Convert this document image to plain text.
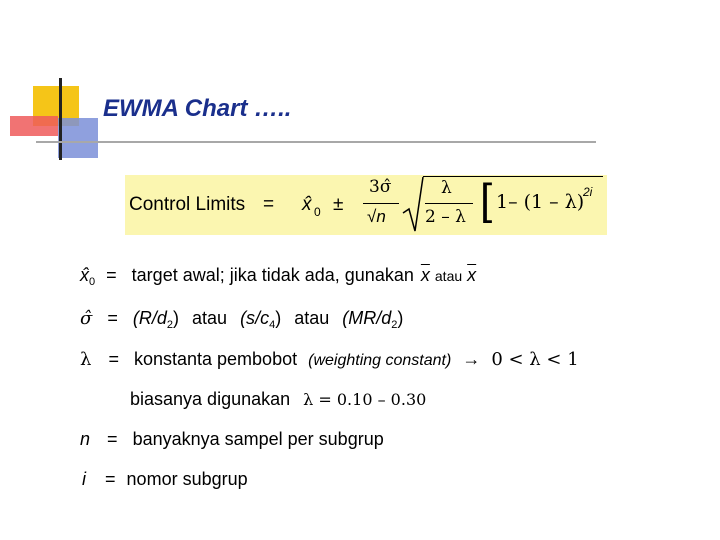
EWMA Chart …..
Control Limits = x̂ 0 ±
3σ̂
√n
λ
2 – λ [ 1– (1 – λ)
2i
$x̂_0$ = target awal; jika tidak ada, gunakan $\overline{x}$ atau $\overline{x}$
σ̂ = $(R/d_2)$ atau $(s/c_4)$ atau $(MR/d_2)$
λ = konstanta pembobot (weighting constant) → 0 < λ < 1
biasanya digunakan λ = 0.10 – 0.30
n = banyaknya sampel per subgrup
i = nomor subgrup
